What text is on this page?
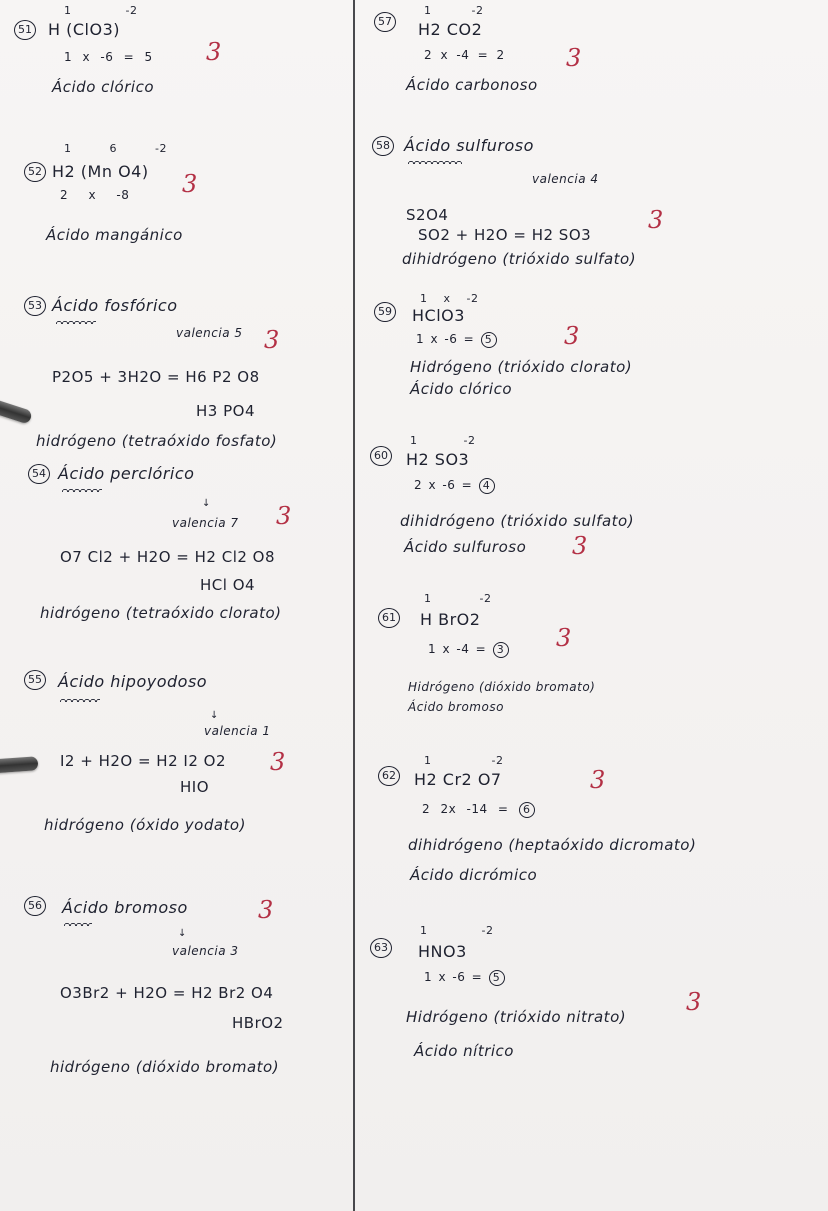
51
1 -2
H (ClO3)
1 x -6 = 5 3
Ácido clórico
52
1 6 -2
H2 (Mn O4)
2 x -8 3
Ácido mangánico
53 Ácido fosfórico
valencia 5 3
P2O5 + 3H2O = H6 P2 O8
H3 PO4
hidrógeno (tetraóxido fosfato)
54 Ácido perclórico
↓
valencia 7 3
O7 Cl2 + H2O = H2 Cl2 O8
HCl O4
hidrógeno (tetraóxido clorato)
55 Ácido hipoyodoso
↓
valencia 1
3
I2 + H2O = H2 I2 O2
HIO
hidrógeno (óxido yodato)
56 Ácido bromoso
↓
3
valencia 3
O3Br2 + H2O = H2 Br2 O4
HBrO2
hidrógeno (dióxido bromato)
57
1 -2
H2 CO2
2 x -4 = 2	3
Ácido carbonoso
58 Ácido sulfuroso
valencia 4
S2O4	3
SO2 + H2O = H2 SO3
dihidrógeno (trióxido sulfato)
59
1 x -2
HClO3
1 x -6 = 5	3
Hidrógeno (trióxido clorato)
Ácido clórico
60
1 -2
H2 SO3
2 x -6 = 4
dihidrógeno (trióxido sulfato)
Ácido sulfuroso 3
61
1 -2
H BrO2
1 x -4 = 3 3
Hidrógeno (dióxido bromato)
Ácido bromoso
62
1 -2
H2 Cr2 O7	3
2 2x -14 = 6
dihidrógeno (heptaóxido dicromato)
Ácido dicrómico
63
1 -2
HNO3
1 x -6 = 5
3
Hidrógeno (trióxido nitrato)
Ácido nítrico
